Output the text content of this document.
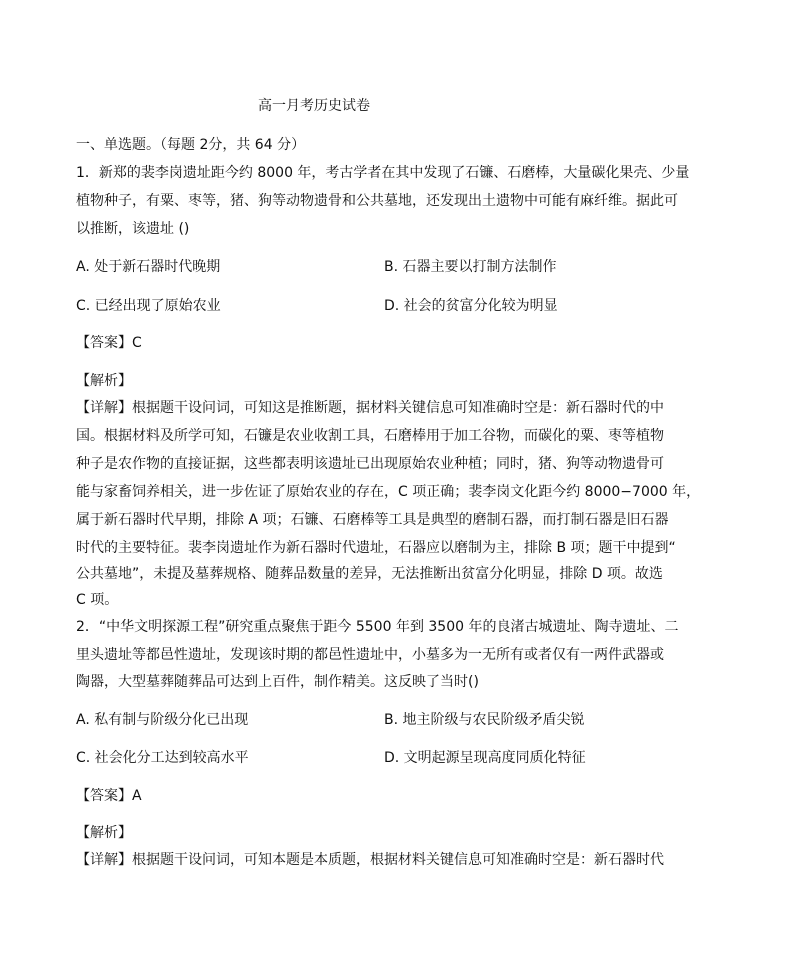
高一月考历史试卷
一、单选题。（每题 2分，共 64 分）
1．新郑的裴李岗遗址距今约 8000 年，考古学者在其中发现了石镰、石磨棒，大量碳化果壳、少量
植物种子，有粟、枣等，猪、狗等动物遗骨和公共墓地，还发现出土遗物中可能有麻纤维。据此可
以推断，该遗址 ()
A. 处于新石器时代晚期	B. 石器主要以打制方法制作
C. 已经出现了原始农业	D. 社会的贫富分化较为明显
【答案】C
【解析】
【详解】根据题干设问词，可知这是推断题，据材料关键信息可知准确时空是：新石器时代的中
国。根据材料及所学可知，石镰是农业收割工具，石磨棒用于加工谷物，而碳化的粟、枣等植物
种子是农作物的直接证据，这些都表明该遗址已出现原始农业种植；同时，猪、狗等动物遗骨可
能与家畜饲养相关，进一步佐证了原始农业的存在，C 项正确；裴李岗文化距今约 8000−7000 年，
属于新石器时代早期，排除 A 项；石镰、石磨棒等工具是典型的磨制石器，而打制石器是旧石器
时代的主要特征。裴李岗遗址作为新石器时代遗址，石器应以磨制为主，排除 B 项；题干中提到“
公共墓地”，未提及墓葬规格、随葬品数量的差异，无法推断出贫富分化明显，排除 D 项。故选
C 项。
2．“中华文明探源工程”研究重点聚焦于距今 5500 年到 3500 年的良渚古城遗址、陶寺遗址、二
里头遗址等都邑性遗址，发现该时期的都邑性遗址中，小墓多为一无所有或者仅有一两件武器或
陶器，大型墓葬随葬品可达到上百件，制作精美。这反映了当时()
A. 私有制与阶级分化已出现	B. 地主阶级与农民阶级矛盾尖锐
C. 社会化分工达到较高水平	D. 文明起源呈现高度同质化特征
【答案】A
【解析】
【详解】根据题干设问词，可知本题是本质题，根据材料关键信息可知准确时空是：新石器时代
